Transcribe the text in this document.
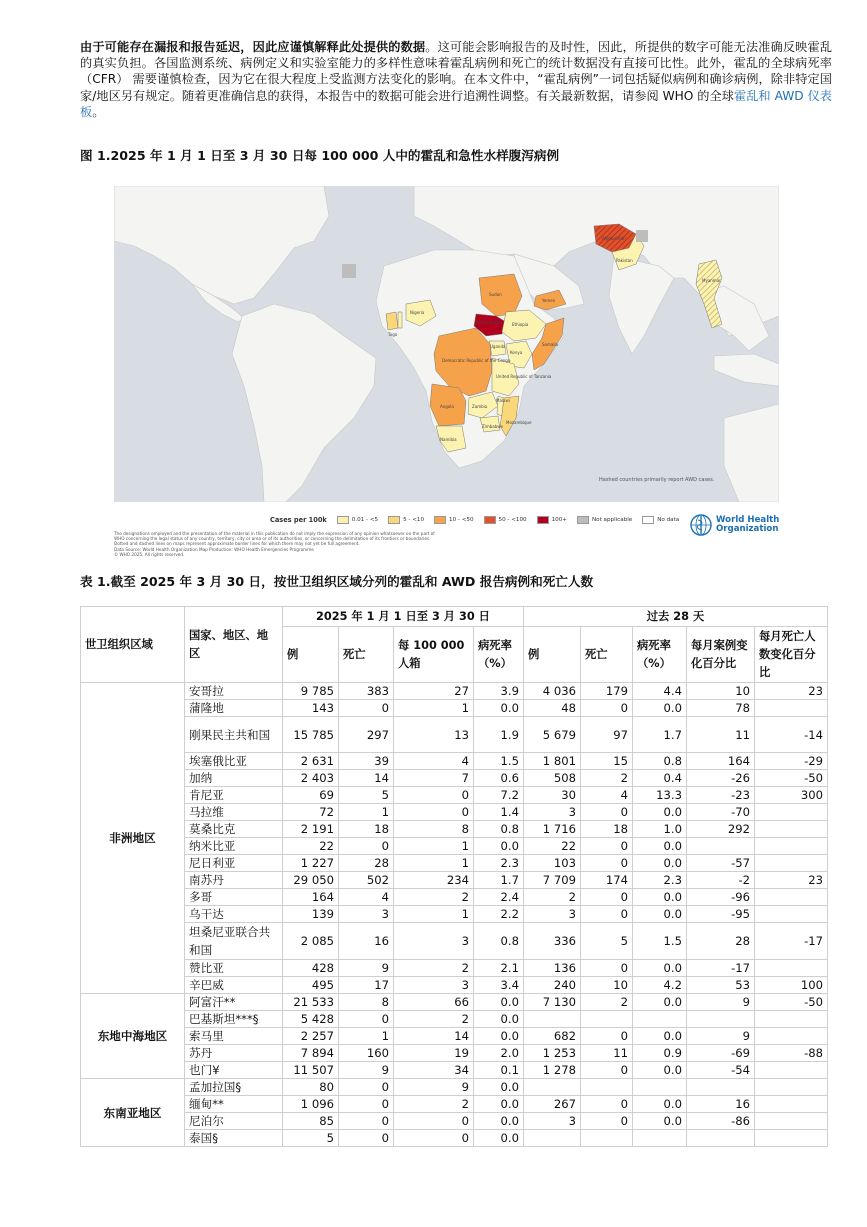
由于可能存在漏报和报告延迟，因此应谨慎解释此处提供的数据。这可能会影响报告的及时性，因此，所提供的数字可能无法准确反映霍乱的真实负担。各国监测系统、病例定义和实验室能力的多样性意味着霍乱病例和死亡的统计数据没有直接可比性。此外，霍乱的全球病死率 （CFR） 需要谨慎检查，因为它在很大程度上受监测方法变化的影响。在本文件中，“霍乱病例”一词包括疑似病例和确诊病例，除非特定国家/地区另有规定。随着更准确信息的获得，本报告中的数据可能会进行追溯性调整。有关最新数据，请参阅 WHO 的全球霍乱和 AWD 仪表板。

图 1.2025 年 1 月 1 日至 3 月 30 日每 100 000 人中的霍乱和急性水样腹泻病例
Afghanistan
Pakistan
Myanmar
Nigeria
Togo
Sudan
Yemen
South Sudan	Ethiopia
Somalia
Kenya
Uganda
Democratic Republic of the Congo
Angola
United Republic of Tanzania
Zambia
Malawi
Mozambique
Zimbabwe
Namibia
Hashed countries primarily report AWD cases.
Cases per 100k	0.01 - <5	5 - <10	10 - <50	50 - <100	100+	Not applicable	No data
The designations employed and the presentation of the material in this publication do not imply the expression of any opinion whatsoever on the part of WHO concerning the legal status of any country, territory, city or area or of its authorities, or concerning the delimitation of its frontiers or boundaries. Dotted and dashed lines on maps represent approximate border lines for which there may not yet be full agreement.
Data Source: World Health Organization Map Production: WHO Health Emergencies Programme © WHO 2025. All rights reserved.
World Health Organization
表 1.截至 2025 年 3 月 30 日，按世卫组织区域分列的霍乱和 AWD 报告病例和死亡人数
世卫组织区域	国家、地区、地区	2025 年 1 月 1 日至 3 月 30 日				过去 28 天				
		例	死亡	每 100 000 人箱	病死率 （%）	例	死亡	病死率 （%）	每月案例变化百分比	每月死亡人数变化百分比
非洲地区	安哥拉	9 785	383	27	3.9	4 036	179	4.4	10	23
	蒲隆地	143	0	1	0.0	48	0	0.0	78	
	刚果民主共和国	15 785	297	13	1.9	5 679	97	1.7	11	-14
	埃塞俄比亚	2 631	39	4	1.5	1 801	15	0.8	164	-29
	加纳	2 403	14	7	0.6	508	2	0.4	-26	-50
	肯尼亚	69	5	0	7.2	30	4	13.3	-23	300
	马拉维	72	1	0	1.4	3	0	0.0	-70	
	莫桑比克	2 191	18	8	0.8	1 716	18	1.0	292	
	纳米比亚	22	0	1	0.0	22	0	0.0		
	尼日利亚	1 227	28	1	2.3	103	0	0.0	-57	
	南苏丹	29 050	502	234	1.7	7 709	174	2.3	-2	23
	多哥	164	4	2	2.4	2	0	0.0	-96	
	乌干达	139	3	1	2.2	3	0	0.0	-95	
	坦桑尼亚联合共和国	2 085	16	3	0.8	336	5	1.5	28	-17
	赞比亚	428	9	2	2.1	136	0	0.0	-17	
	辛巴威	495	17	3	3.4	240	10	4.2	53	100
东地中海地区	阿富汗**	21 533	8	66	0.0	7 130	2	0.0	9	-50
	巴基斯坦***§	5 428	0	2	0.0					
	索马里	2 257	1	14	0.0	682	0	0.0	9	
	苏丹	7 894	160	19	2.0	1 253	11	0.9	-69	-88
	也门¥	11 507	9	34	0.1	1 278	0	0.0	-54	
东南亚地区	孟加拉国§	80	0	9	0.0					
	缅甸**	1 096	0	2	0.0	267	0	0.0	16	
	尼泊尔	85	0	0	0.0	3	0	0.0	-86	
	泰国§	5	0	0	0.0					
